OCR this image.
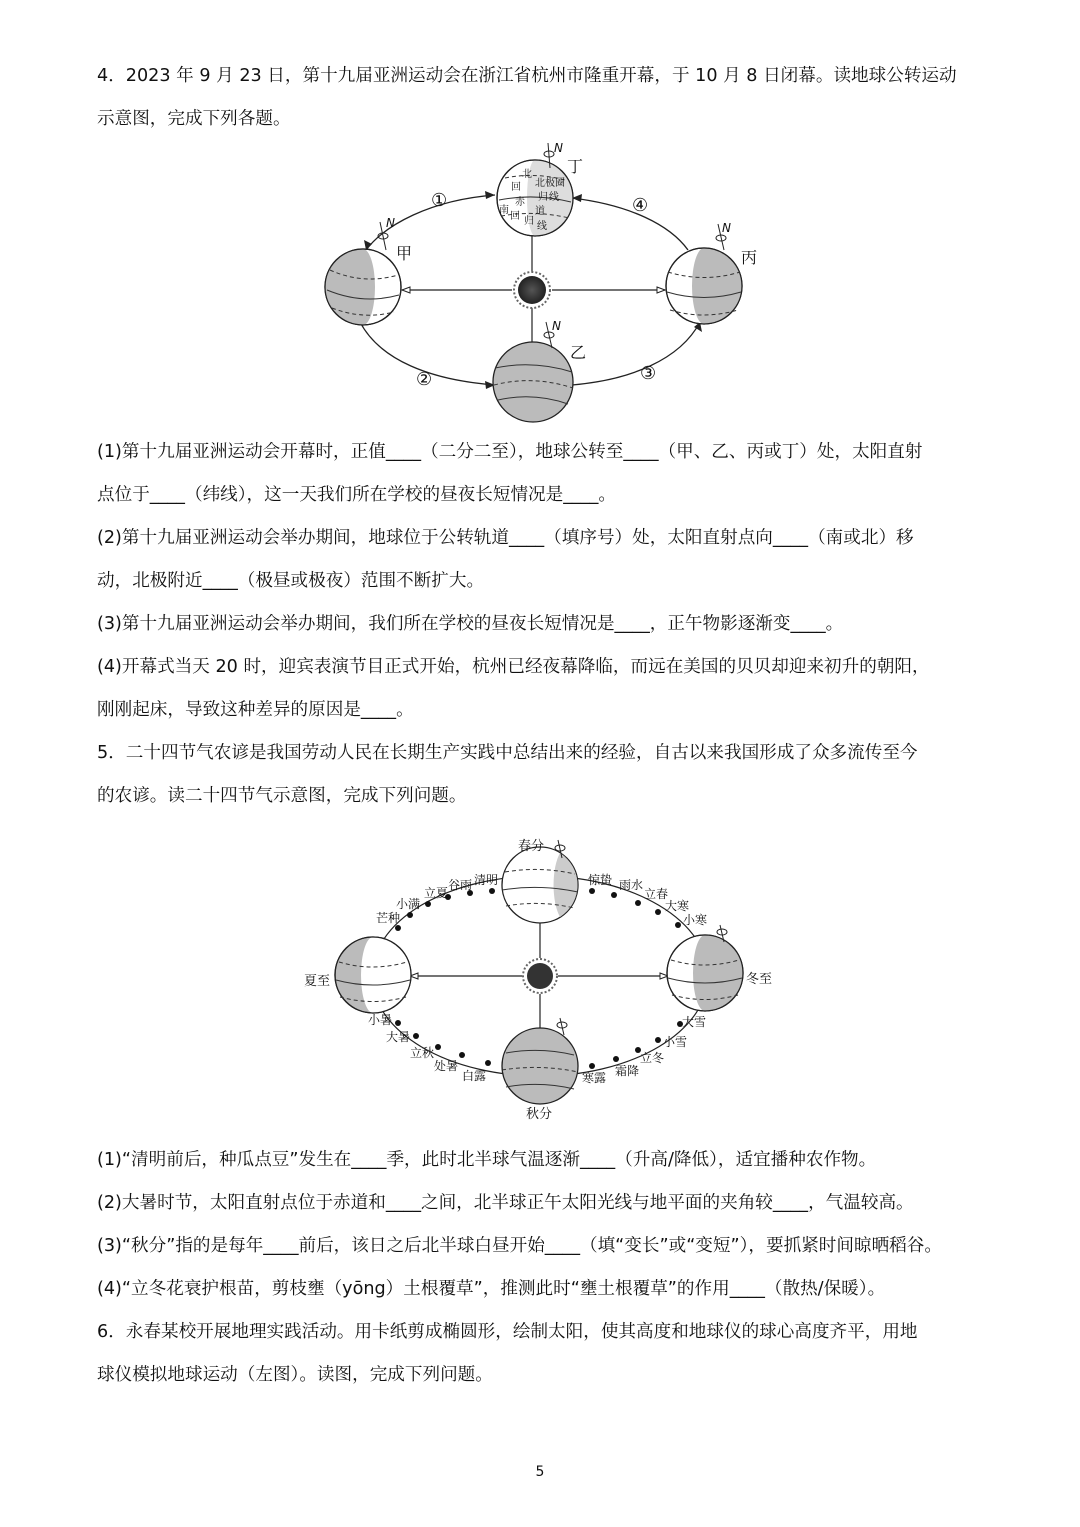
4．2023 年 9 月 23 日，第十九届亚洲运动会在浙江省杭州市隆重开幕，于 10 月 8 日闭幕。读地球公转运动
示意图，完成下列各题。
北
北极圈
回
归 线
赤
道
南
回 归 线
N
N
N
N
甲
乙
丙
丁
①
②	③
④
(1)第十九届亚洲运动会开幕时，正值____（二分二至），地球公转至____（甲、乙、丙或丁）处，太阳直射
点位于____（纬线），这一天我们所在学校的昼夜长短情况是____。
(2)第十九届亚洲运动会举办期间，地球位于公转轨道____（填序号）处，太阳直射点向____（南或北）移
动，北极附近____（极昼或极夜）范围不断扩大。
(3)第十九届亚洲运动会举办期间，我们所在学校的昼夜长短情况是____，正午物影逐渐变____。
(4)开幕式当天 20 时，迎宾表演节目正式开始，杭州已经夜幕降临，而远在美国的贝贝却迎来初升的朝阳，
刚刚起床，导致这种差异的原因是____。
5．二十四节气农谚是我国劳动人民在长期生产实践中总结出来的经验，自古以来我国形成了众多流传至今
的农谚。读二十四节气示意图，完成下列问题。
春分
夏至
秋分
冬至
清明
谷雨
立夏
小满
芒种
惊蛰 雨水
立春
大寒
小寒
小暑
大暑
立秋
处暑
白露
大雪
小雪
立冬
霜降
寒露
(1)“清明前后，种瓜点豆”发生在____季，此时北半球气温逐渐____（升高/降低），适宜播种农作物。
(2)大暑时节，太阳直射点位于赤道和____之间，北半球正午太阳光线与地平面的夹角较____，气温较高。
(3)“秋分”指的是每年____前后，该日之后北半球白昼开始____（填“变长”或“变短”），要抓紧时间晾晒稻谷。
(4)“立冬花衰护根苗，剪枝壅（yōng）土根覆草”，推测此时“壅土根覆草”的作用____（散热/保暖）。
6．永春某校开展地理实践活动。用卡纸剪成椭圆形，绘制太阳，使其高度和地球仪的球心高度齐平，用地
球仪模拟地球运动（左图）。读图，完成下列问题。
5
